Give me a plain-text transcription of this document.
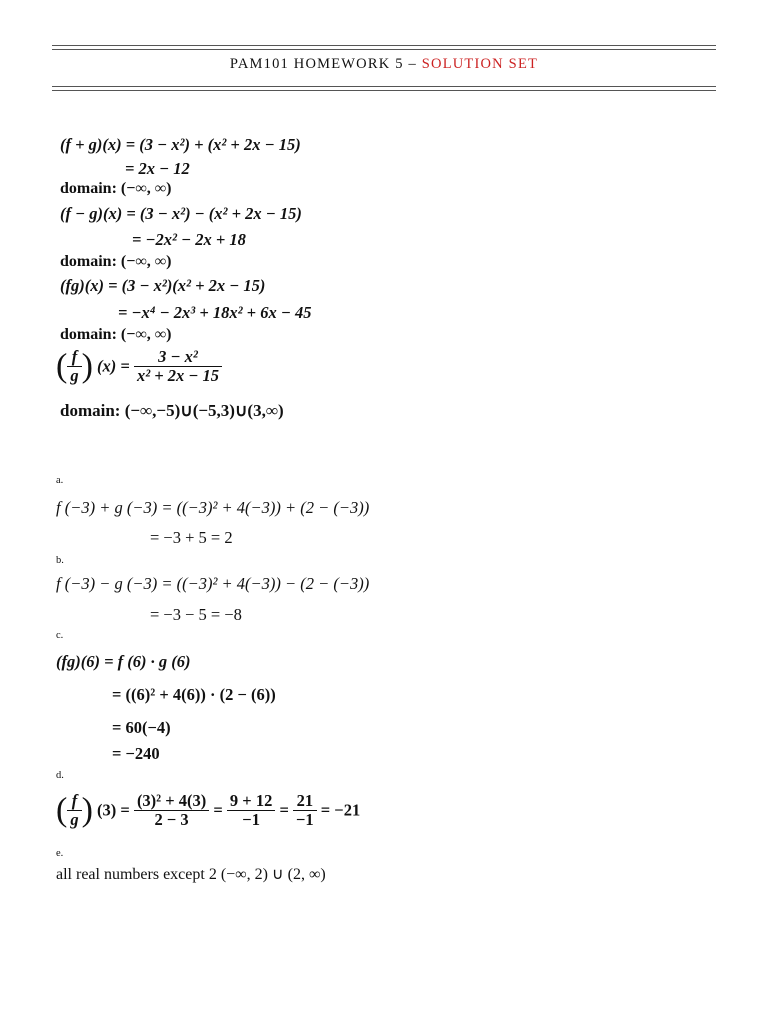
PAM101 HOMEWORK 5 – SOLUTION SET
(f + g)(x) = (3 − x²) + (x² + 2x − 15)
= 2x − 12
domain: (−∞, ∞)
(f − g)(x) = (3 − x²) − (x² + 2x − 15)
= −2x² − 2x + 18
domain: (−∞, ∞)
(fg)(x) = (3 − x²)(x² + 2x − 15)
= −x⁴ − 2x³ + 18x² + 6x − 45
domain: (−∞, ∞)
( $\frac{f}{g}$ ) $(x) = \frac{\text{3 − x²}}{\text{x² + 2x − 15}}$
domain: (−∞,−5)∪(−5,3)∪(3,∞)
a.
f (−3) + g (−3) = ((−3)² + 4(−3)) + (2 − (−3))
= −3 + 5 = 2
b.
f (−3) − g (−3) = ((−3)² + 4(−3)) − (2 − (−3))
= −3 − 5 = −8
c.
(fg)(6) = f (6) · g (6)
= ((6)² + 4(6)) · (2 − (6))
= 60(−4)
= −240
d.
( $\frac{f}{g}$ ) $(3) = \frac{\text{(3)² + 4(3)}}{2 - 3} = \frac{9 + 12}{-1} = \frac{21}{-1} = -21$
e.
all real numbers except 2 (−∞, 2) ∪ (2, ∞)
